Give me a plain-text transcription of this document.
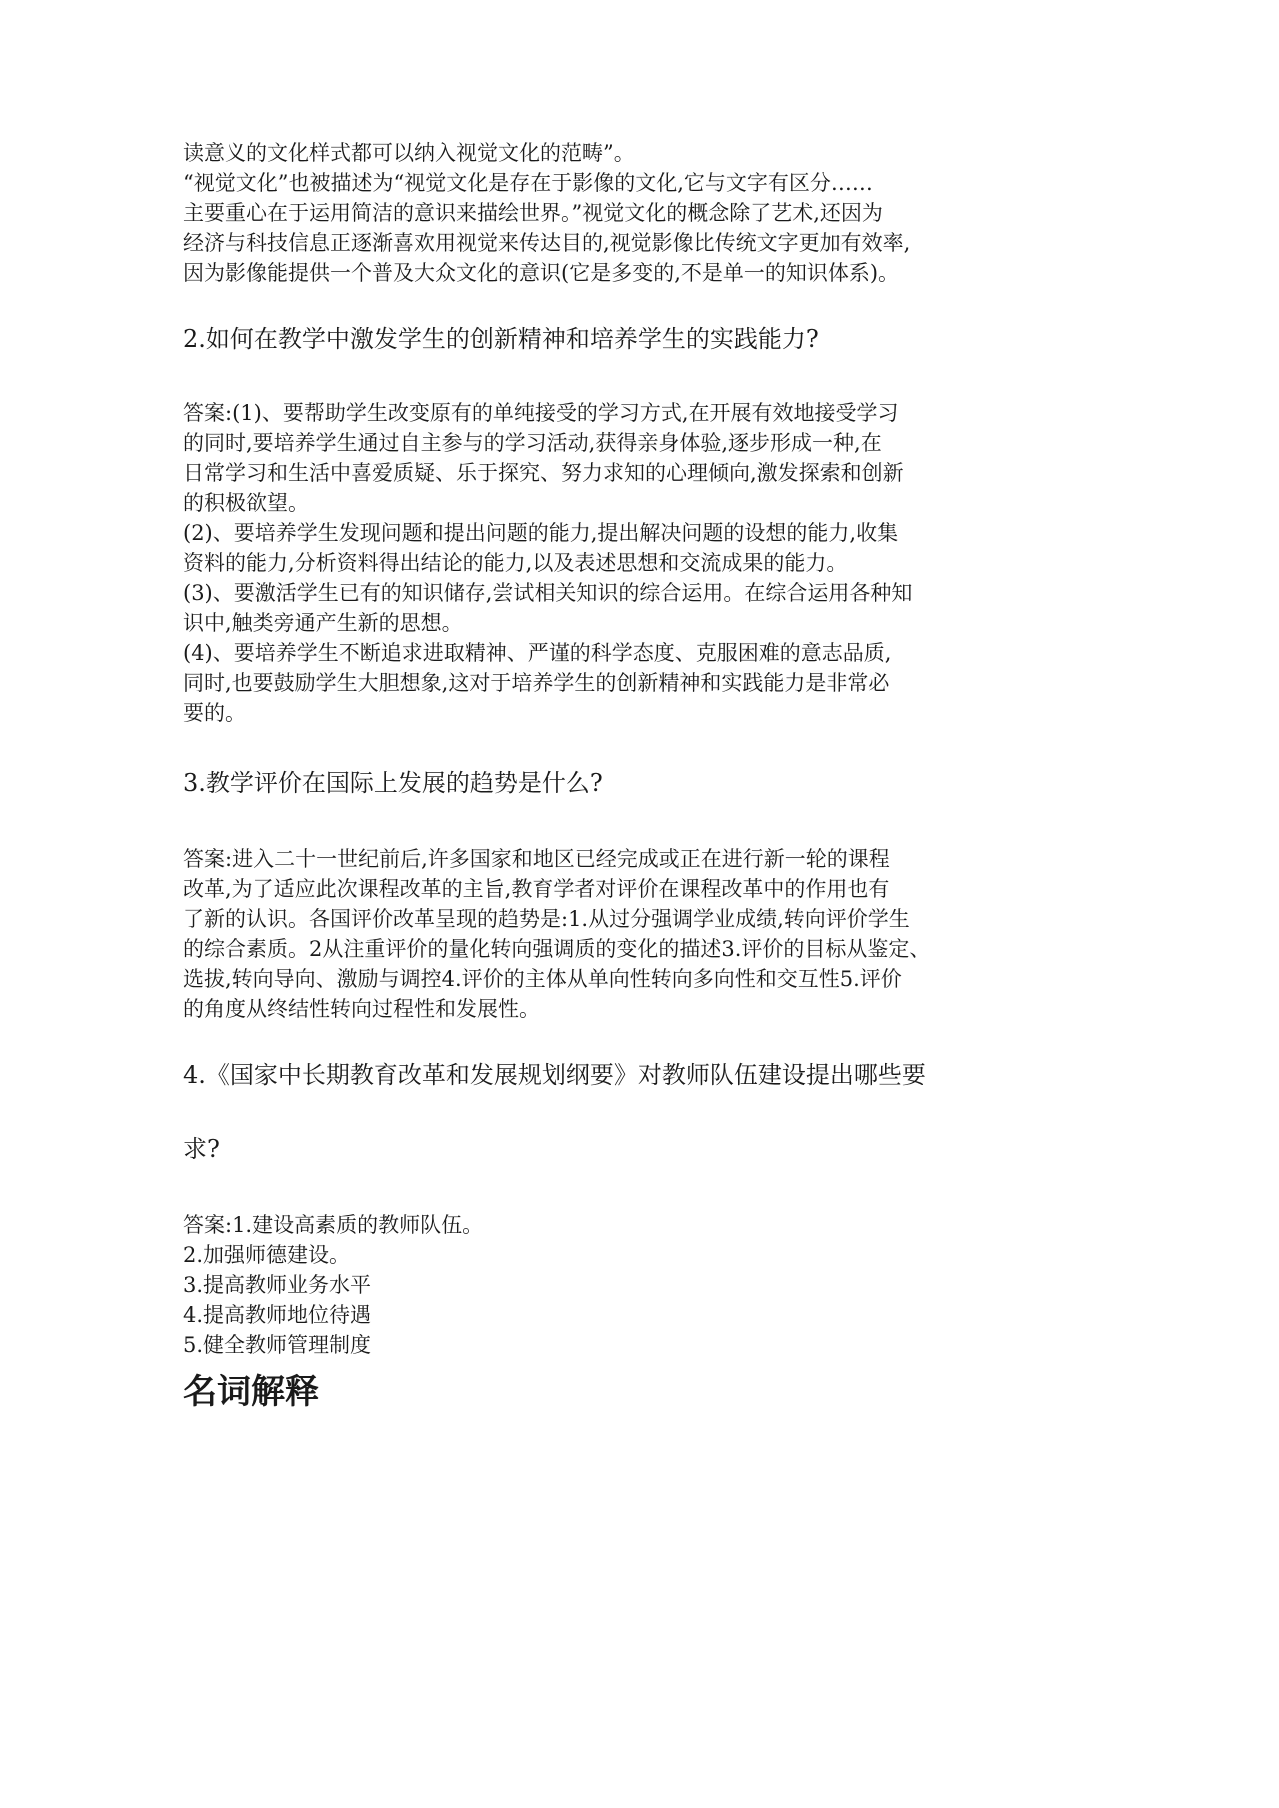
读意义的文化样式都可以纳入视觉文化的范畴”。

“视觉文化”也被描述为“视觉文化是存在于影像的文化,它与文字有区分……

主要重心在于运用简洁的意识来描绘世界。”视觉文化的概念除了艺术,还因为

经济与科技信息正逐渐喜欢用视觉来传达目的,视觉影像比传统文字更加有效率,

因为影像能提供一个普及大众文化的意识(它是多变的,不是单一的知识体系)。

2.如何在教学中激发学生的创新精神和培养学生的实践能力?

答案:(1)、要帮助学生改变原有的单纯接受的学习方式,在开展有效地接受学习

的同时,要培养学生通过自主参与的学习活动,获得亲身体验,逐步形成一种,在

日常学习和生活中喜爱质疑、乐于探究、努力求知的心理倾向,激发探索和创新

的积极欲望。

(2)、要培养学生发现问题和提出问题的能力,提出解决问题的设想的能力,收集

资料的能力,分析资料得出结论的能力,以及表述思想和交流成果的能力。

(3)、要激活学生已有的知识储存,尝试相关知识的综合运用。在综合运用各种知

识中,触类旁通产生新的思想。

(4)、要培养学生不断追求进取精神、严谨的科学态度、克服困难的意志品质,

同时,也要鼓励学生大胆想象,这对于培养学生的创新精神和实践能力是非常必

要的。

3.教学评价在国际上发展的趋势是什么?

答案:进入二十一世纪前后,许多国家和地区已经完成或正在进行新一轮的课程

改革,为了适应此次课程改革的主旨,教育学者对评价在课程改革中的作用也有

了新的认识。各国评价改革呈现的趋势是:1.从过分强调学业成绩,转向评价学生

的综合素质。2从注重评价的量化转向强调质的变化的描述3.评价的目标从鉴定、

选拔,转向导向、激励与调控4.评价的主体从单向性转向多向性和交互性5.评价

的角度从终结性转向过程性和发展性。

4.《国家中长期教育改革和发展规划纲要》对教师队伍建设提出哪些要

求?

答案:1.建设高素质的教师队伍。

2.加强师德建设。

3.提高教师业务水平

4.提高教师地位待遇

5.健全教师管理制度

名词解释
